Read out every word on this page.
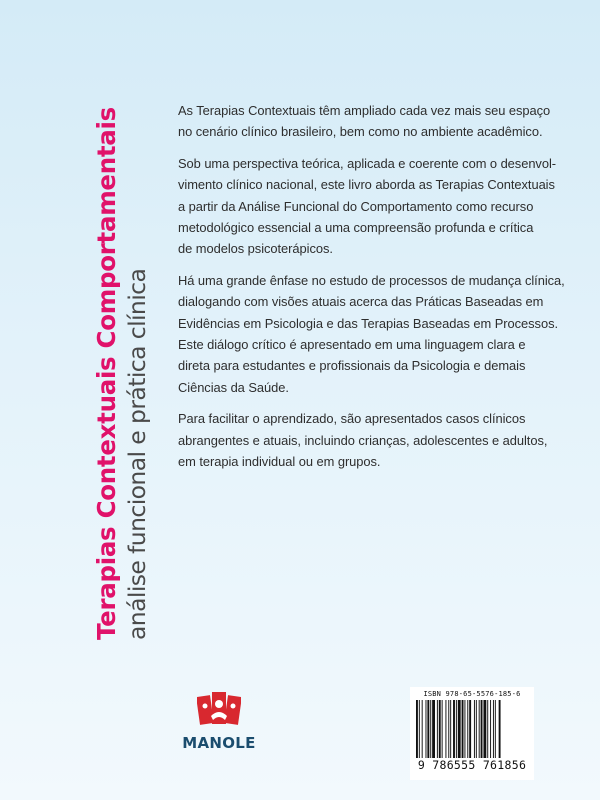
Terapias Contextuais Comportamentais análise funcional e prática clínica

As Terapias Contextuais têm ampliado cada vez mais seu espaço
no cenário clínico brasileiro, bem como no ambiente acadêmico.

Sob uma perspectiva teórica, aplicada e coerente com o desenvol-
vimento clínico nacional, este livro aborda as Terapias Contextuais
a partir da Análise Funcional do Comportamento como recurso
metodológico essencial a uma compreensão profunda e crítica
de modelos psicoterápicos.

Há uma grande ênfase no estudo de processos de mudança clínica,
dialogando com visões atuais acerca das Práticas Baseadas em
Evidências em Psicologia e das Terapias Baseadas em Processos.
Este diálogo crítico é apresentado em uma linguagem clara e
direta para estudantes e profissionais da Psicologia e demais
Ciências da Saúde.

Para facilitar o aprendizado, são apresentados casos clínicos
abrangentes e atuais, incluindo crianças, adolescentes e adultos,
em terapia individual ou em grupos.

MANOLE
ISBN 978-65-5576-185-6
9 786555 761856
